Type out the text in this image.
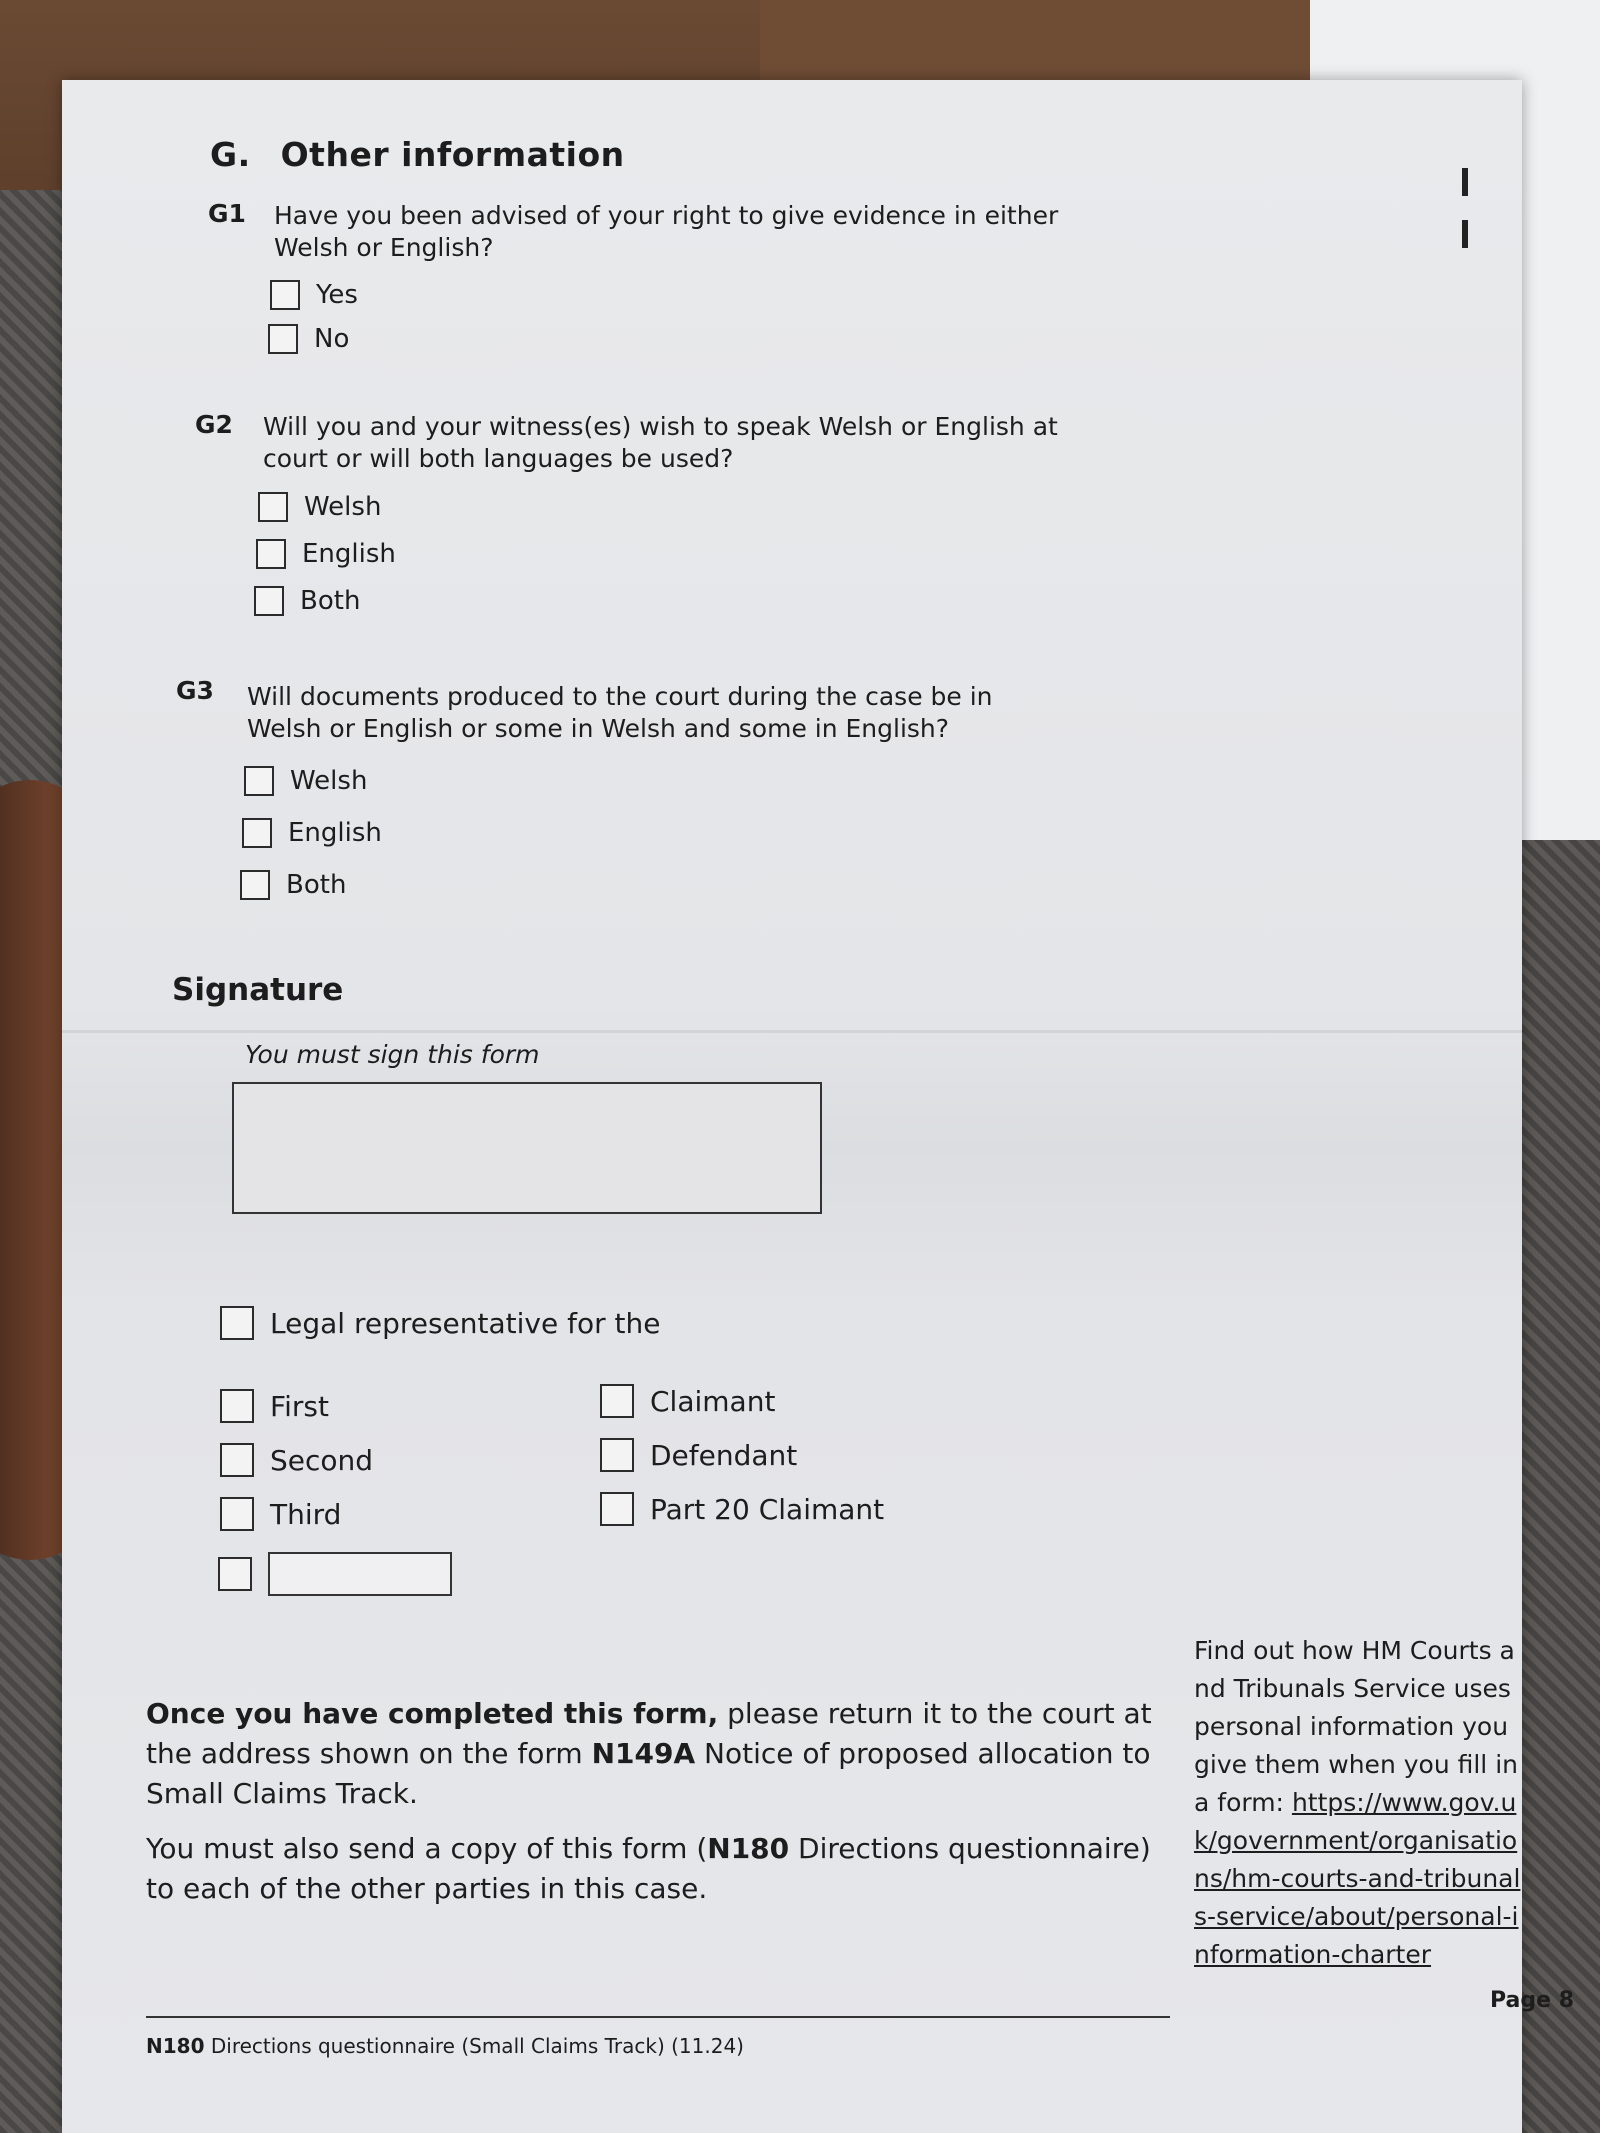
G. Other information
G1 Have you been advised of your right to give evidence in either
Welsh or English?
Yes
No
G2 Will you and your witness(es) wish to speak Welsh or English at
court or will both languages be used?
Welsh
English
Both
G3 Will documents produced to the court during the case be in
Welsh or English or some in Welsh and some in English?
Welsh
English
Both
Signature
You must sign this form
Legal representative for the
First
Second
Third
Claimant
Defendant
Part 20 Claimant
Once you have completed this form, please return it to the court at the address shown on the form N149A Notice of proposed allocation to Small Claims Track.
You must also send a copy of this form (N180 Directions questionnaire) to each of the other parties in this case.
Find out how HM Courts and Tribunals Service uses personal information you give them when you fill in a form: https://www.gov.uk/government/organisations/hm-courts-and-tribunals-service/about/personal-information-charter
N180 Directions questionnaire (Small Claims Track) (11.24)
Page 8
